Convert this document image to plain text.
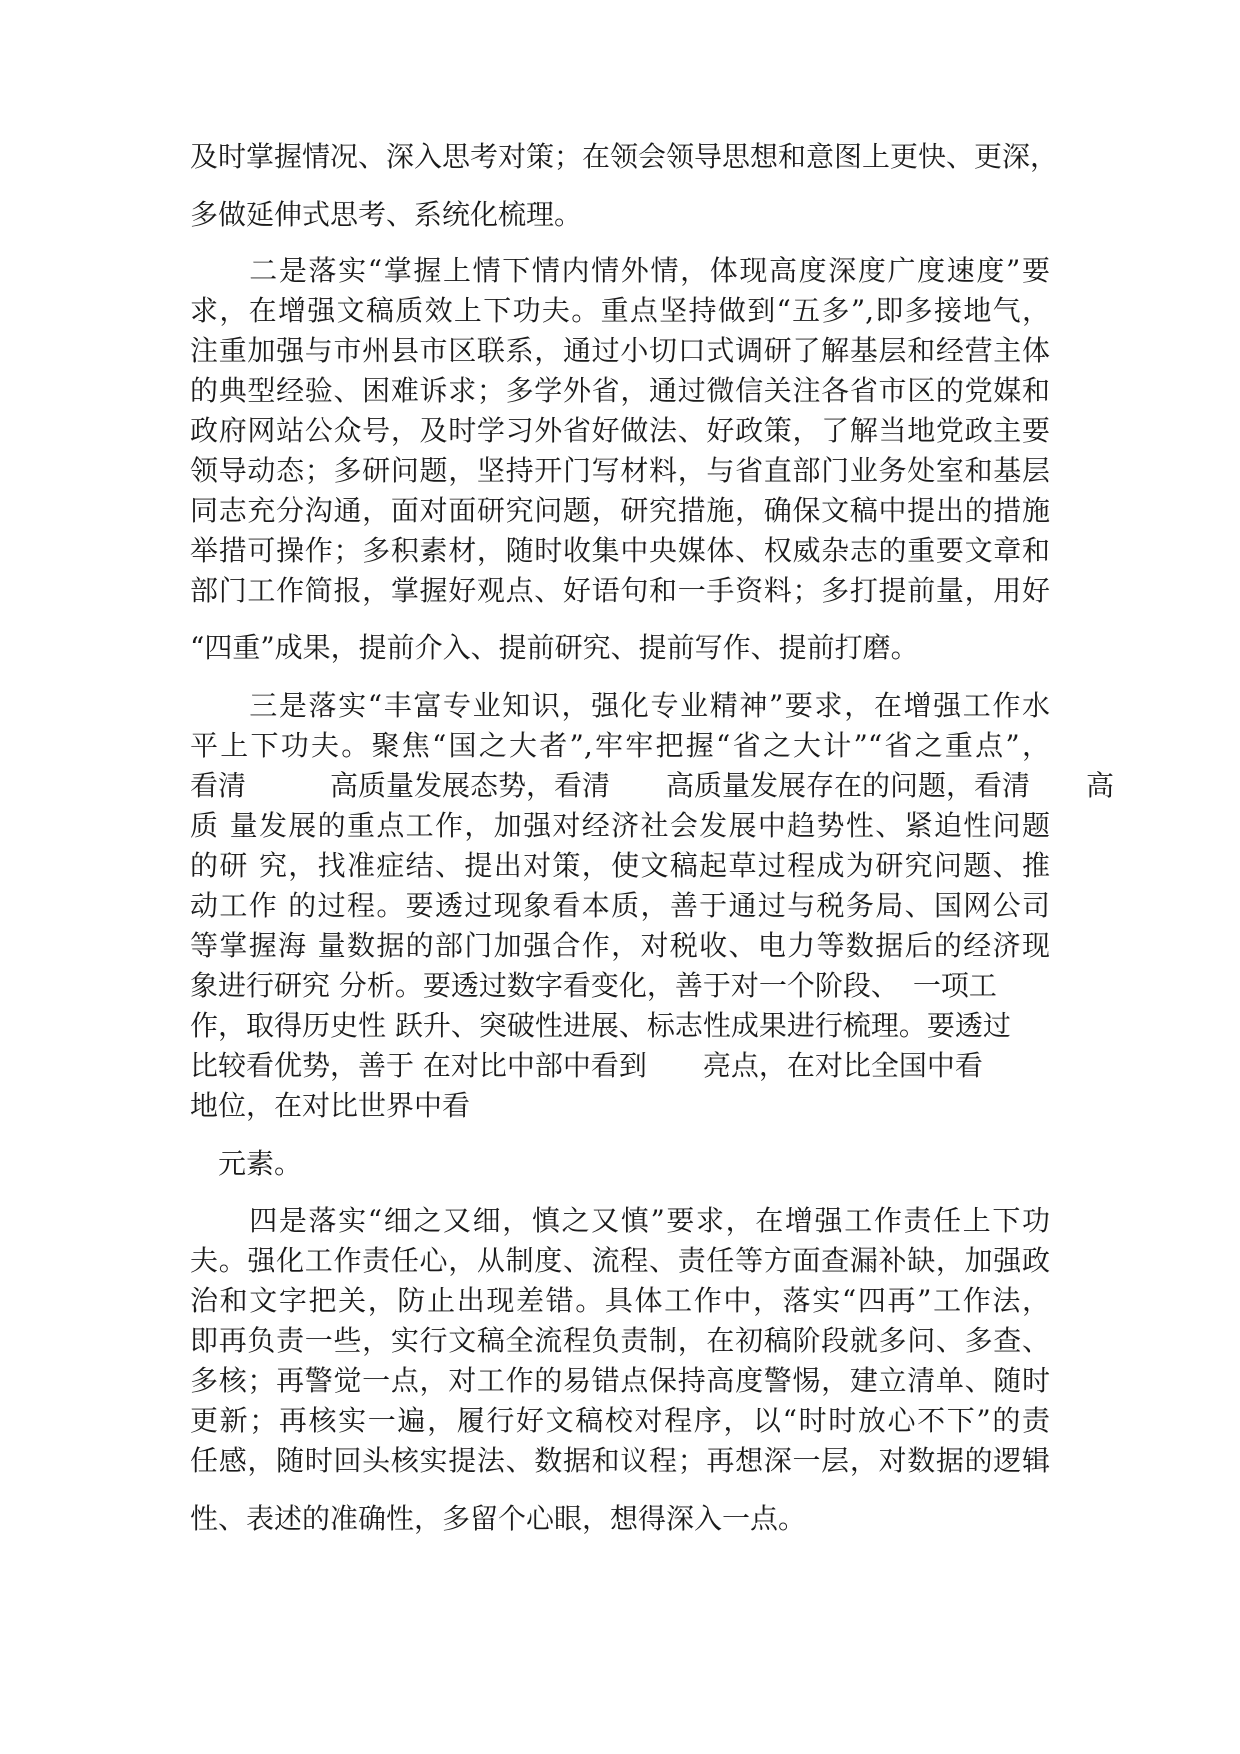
及时掌握情况、深入思考对策；在领会领导思想和意图上更快、更深，
多做延伸式思考、系统化梳理。
　　二是落实“掌握上情下情内情外情，体现高度深度广度速度”要
求，在增强文稿质效上下功夫。重点坚持做到“五多”,即多接地气，
注重加强与市州县市区联系，通过小切口式调研了解基层和经营主体
的典型经验、困难诉求；多学外省，通过微信关注各省市区的党媒和
政府网站公众号，及时学习外省好做法、好政策，了解当地党政主要
领导动态；多研问题，坚持开门写材料，与省直部门业务处室和基层
同志充分沟通，面对面研究问题，研究措施，确保文稿中提出的措施
举措可操作；多积素材，随时收集中央媒体、权威杂志的重要文章和
部门工作简报，掌握好观点、好语句和一手资料；多打提前量，用好
“四重”成果，提前介入、提前研究、提前写作、提前打磨。
　　三是落实“丰富专业知识，强化专业精神”要求，在增强工作水
平上下功夫。聚焦“国之大者”,牢牢把握“省之大计”“省之重点”，
看清　　　高质量发展态势，看清　　高质量发展存在的问题，看清　　高
质 量发展的重点工作，加强对经济社会发展中趋势性、紧迫性问题
的研 究，找准症结、提出对策，使文稿起草过程成为研究问题、推
动工作 的过程。要透过现象看本质，善于通过与税务局、国网公司
等掌握海 量数据的部门加强合作，对税收、电力等数据后的经济现
象进行研究 分析。要透过数字看变化，善于对一个阶段、　一项工
作，取得历史性 跃升、突破性进展、标志性成果进行梳理。要透过
比较看优势，善于 在对比中部中看到　　亮点，在对比全国中看
地位，在对比世界中看
　元素。
　　四是落实“细之又细，慎之又慎”要求，在增强工作责任上下功
夫。强化工作责任心，从制度、流程、责任等方面查漏补缺，加强政
治和文字把关，防止出现差错。具体工作中，落实“四再”工作法，
即再负责一些，实行文稿全流程负责制，在初稿阶段就多问、多查、
多核；再警觉一点，对工作的易错点保持高度警惕，建立清单、随时
更新；再核实一遍，履行好文稿校对程序，以“时时放心不下”的责
任感，随时回头核实提法、数据和议程；再想深一层，对数据的逻辑
性、表述的准确性，多留个心眼，想得深入一点。
